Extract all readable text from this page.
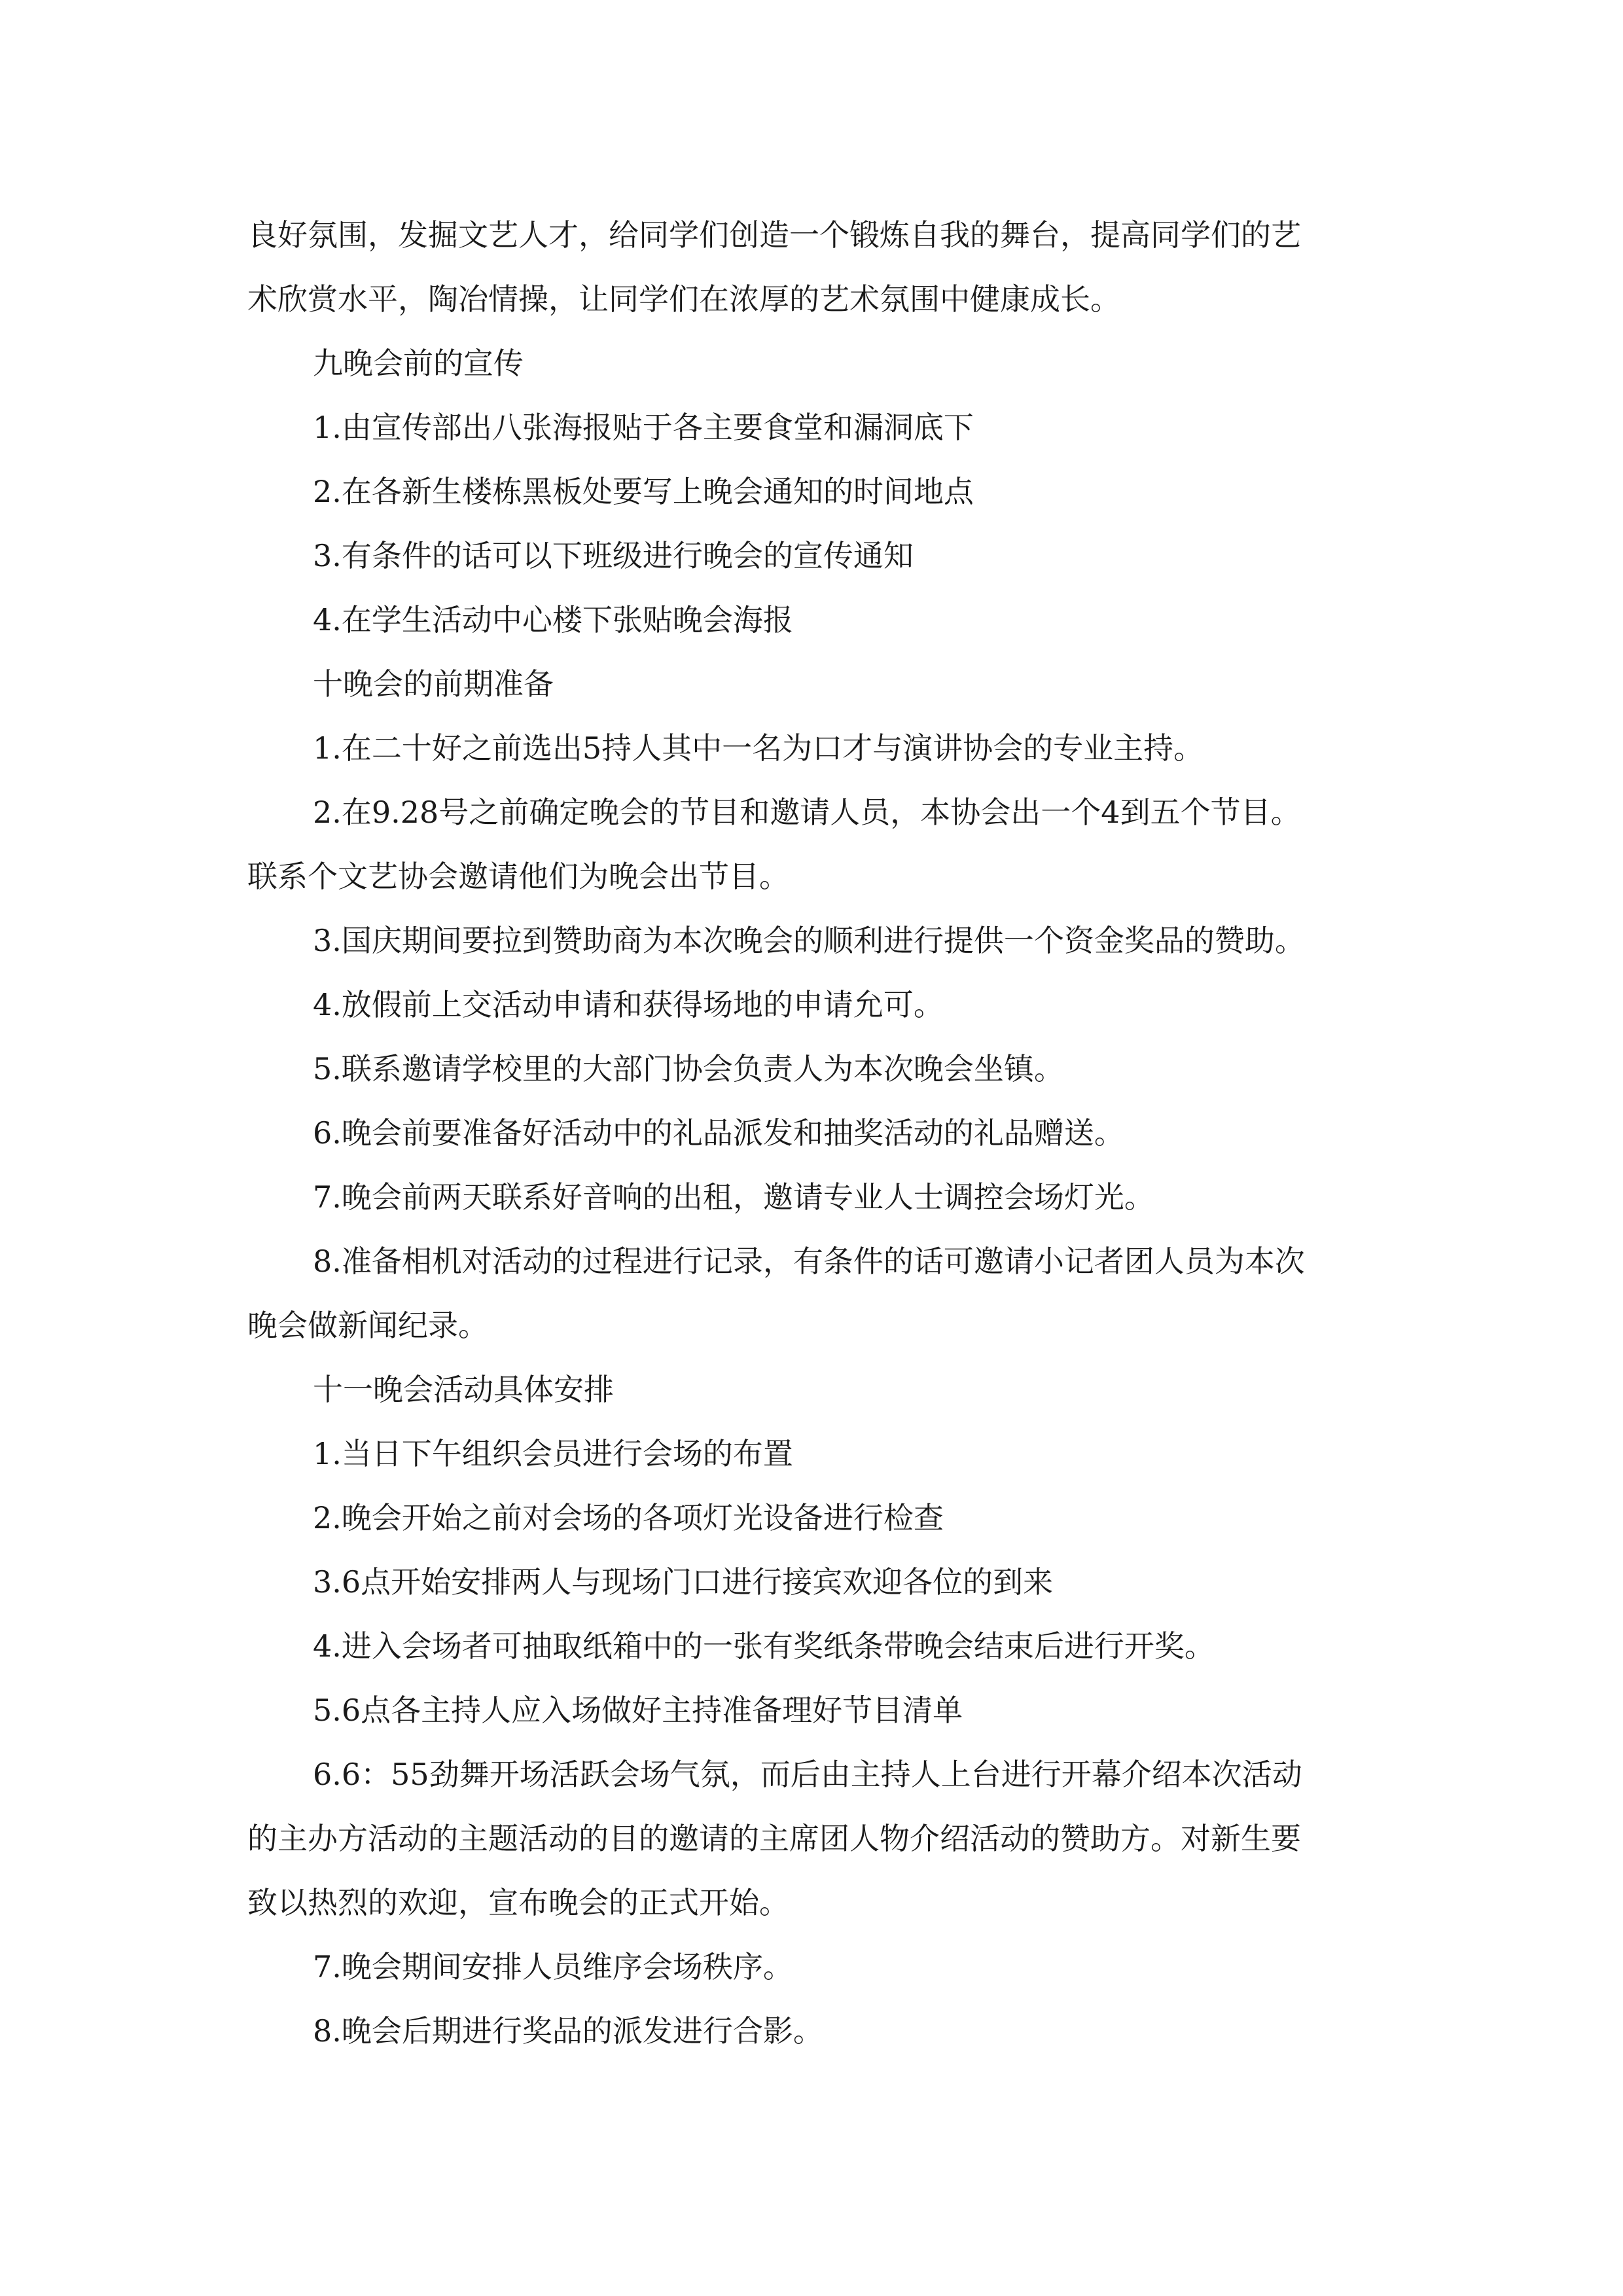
良好氛围，发掘文艺人才，给同学们创造一个锻炼自我的舞台，提高同学们的艺
术欣赏水平，陶冶情操，让同学们在浓厚的艺术氛围中健康成长。
九晚会前的宣传
1.由宣传部出八张海报贴于各主要食堂和漏洞底下
2.在各新生楼栋黑板处要写上晚会通知的时间地点
3.有条件的话可以下班级进行晚会的宣传通知
4.在学生活动中心楼下张贴晚会海报
十晚会的前期准备
1.在二十好之前选出5持人其中一名为口才与演讲协会的专业主持。
2.在9.28号之前确定晚会的节目和邀请人员，本协会出一个4到五个节目。
联系个文艺协会邀请他们为晚会出节目。
3.国庆期间要拉到赞助商为本次晚会的顺利进行提供一个资金奖品的赞助。
4.放假前上交活动申请和获得场地的申请允可。
5.联系邀请学校里的大部门协会负责人为本次晚会坐镇。
6.晚会前要准备好活动中的礼品派发和抽奖活动的礼品赠送。
7.晚会前两天联系好音响的出租，邀请专业人士调控会场灯光。
8.准备相机对活动的过程进行记录，有条件的话可邀请小记者团人员为本次
晚会做新闻纪录。
十一晚会活动具体安排
1.当日下午组织会员进行会场的布置
2.晚会开始之前对会场的各项灯光设备进行检查
3.6点开始安排两人与现场门口进行接宾欢迎各位的到来
4.进入会场者可抽取纸箱中的一张有奖纸条带晚会结束后进行开奖。
5.6点各主持人应入场做好主持准备理好节目清单
6.6：55劲舞开场活跃会场气氛，而后由主持人上台进行开幕介绍本次活动
的主办方活动的主题活动的目的邀请的主席团人物介绍活动的赞助方。对新生要
致以热烈的欢迎，宣布晚会的正式开始。
7.晚会期间安排人员维序会场秩序。
8.晚会后期进行奖品的派发进行合影。
